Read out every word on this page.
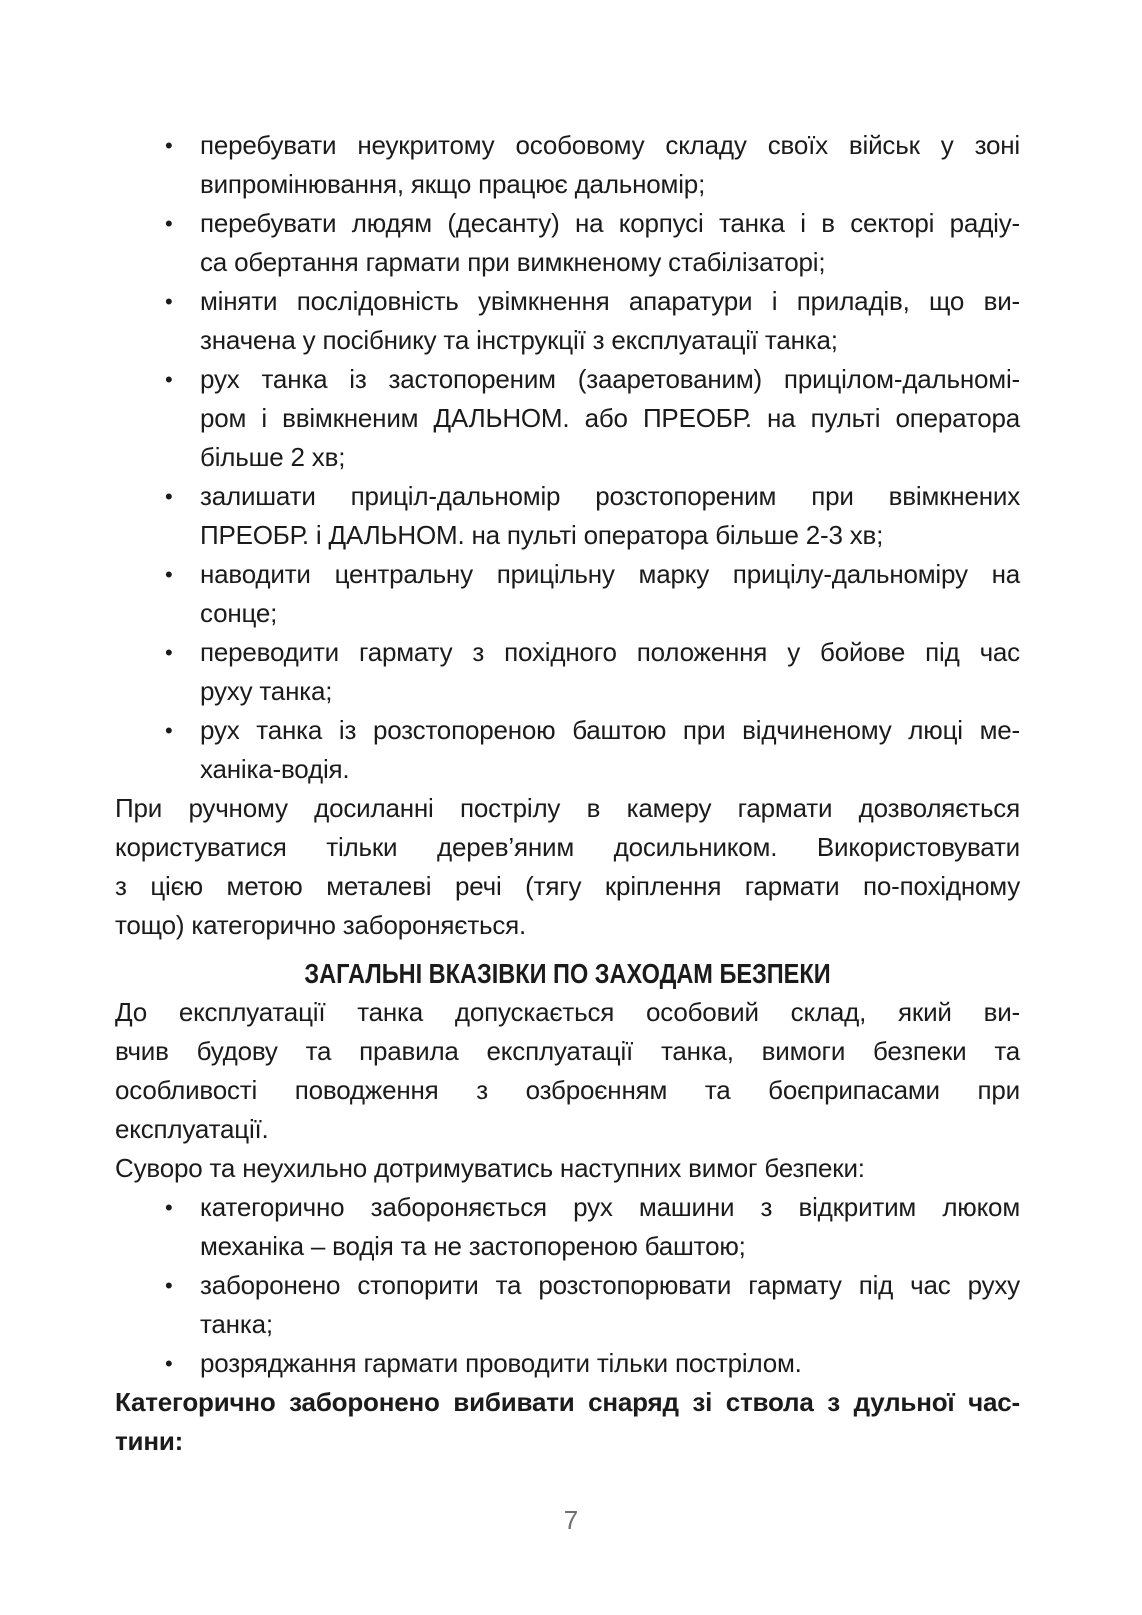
• перебувати неукритому особовому складу своїх військ у зоні
випромінювання, якщо працює дальномір;
• перебувати людям (десанту) на корпусі танка і в секторі радіу-
са обертання гармати при вимкненому стабілізаторі;
• міняти послідовність увімкнення апаратури і приладів, що ви-
значена у посібнику та інструкції з експлуатації танка;
• рух танка із застопореним (зааретованим) прицілом-дальномі-
ром і ввімкненим ДАЛЬНОМ. або ПРЕОБР. на пульті оператора
більше 2 хв;
• залишати приціл-дальномір розстопореним при ввімкнених
ПРЕОБР. і ДАЛЬНОМ. на пульті оператора більше 2-3 хв;
• наводити центральну прицільну марку прицілу-дальноміру на
сонце;
• переводити гармату з похідного положення у бойове під час
руху танка;
• рух танка із розстопореною баштою при відчиненому люці ме-
ханіка-водія.
При ручному досиланні пострілу в камеру гармати дозволяється
користуватися тільки дерев’яним досильником. Використовувати
з цією метою металеві речі (тягу кріплення гармати по-похідному
тощо) категорично забороняється.
ЗАГАЛЬНІ ВКАЗІВКИ ПО ЗАХОДАМ БЕЗПЕКИ
До експлуатації танка допускається особовий склад, який ви-
вчив будову та правила експлуатації танка, вимоги безпеки та
особливості поводження з озброєнням та боєприпасами при
експлуатації.
Суворо та неухильно дотримуватись наступних вимог безпеки:
• категорично забороняється рух машини з відкритим люком
механіка – водія та не застопореною баштою;
• заборонено стопорити та розстопорювати гармату під час руху
танка;
• розряджання гармати проводити тільки пострілом.
Категорично заборонено вибивати снаряд зі ствола з дульної час-
тини:
7
